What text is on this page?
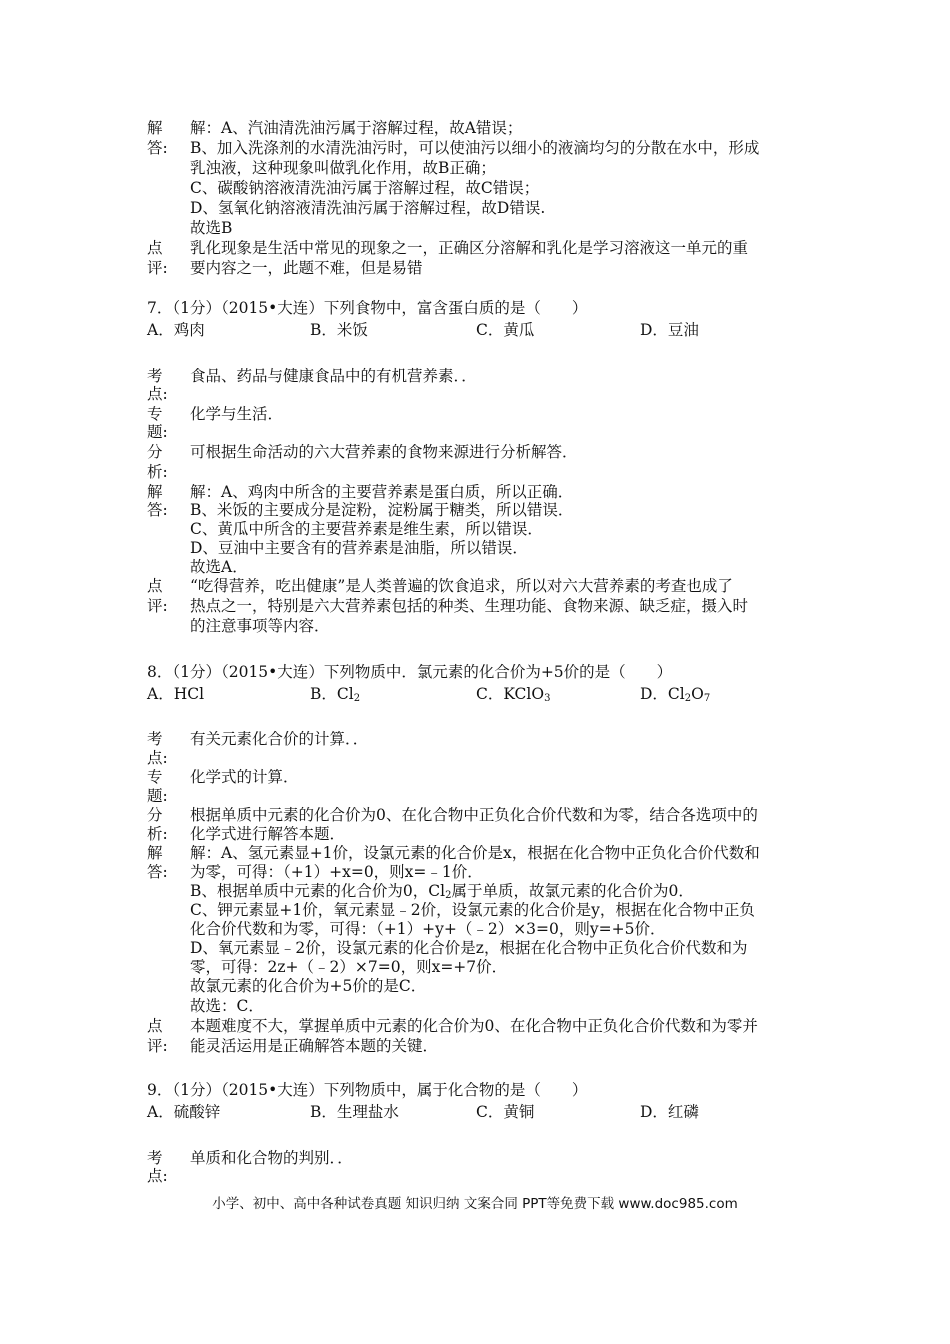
解 解：A、汽油清洗油污属于溶解过程，故A错误；
答: B、加入洗涤剂的水清洗油污时，可以使油污以细小的液滴均匀的分散在水中，形成
乳浊液，这种现象叫做乳化作用，故B正确；
C、碳酸钠溶液清洗油污属于溶解过程，故C错误；
D、氢氧化钠溶液清洗油污属于溶解过程，故D错误.
故选B
点 乳化现象是生活中常见的现象之一，正确区分溶解和乳化是学习溶液这一单元的重
评: 要内容之一，此题不难，但是易错
7．（1分）（2015•大连）下列食物中，富含蛋白质的是（　　）
A．鸡肉	B．米饭	C．黄瓜	D．豆油
考 食品、药品与健康食品中的有机营养素．．
点:
专 化学与生活．
题:
分 可根据生命活动的六大营养素的食物来源进行分析解答．
析:
解 解：A、鸡肉中所含的主要营养素是蛋白质，所以正确．
答: B、米饭的主要成分是淀粉，淀粉属于糖类，所以错误．
C、黄瓜中所含的主要营养素是维生素，所以错误．
D、豆油中主要含有的营养素是油脂，所以错误．
故选A．
点 “吃得营养，吃出健康”是人类普遍的饮食追求，所以对六大营养素的考查也成了
评: 热点之一，特别是六大营养素包括的种类、生理功能、食物来源、缺乏症，摄入时
的注意事项等内容．
8．（1分）（2015•大连）下列物质中．氯元素的化合价为+5价的是（　　）
A．HCl	B．$Cl_2$	C．KClO$_3$	D．$Cl_2O_7$
考 有关元素化合价的计算．．
点:
专 化学式的计算．
题:
分 根据单质中元素的化合价为0、在化合物中正负化合价代数和为零，结合各选项中的
析: 化学式进行解答本题．
解 解：A、氢元素显+1价，设氯元素的化合价是x，根据在化合物中正负化合价代数和
答: 为零，可得：（+1）+x=0，则x=﹣1价．
B、根据单质中元素的化合价为0，$Cl_2$属于单质，故氯元素的化合价为0．
C、钾元素显+1价，氧元素显﹣2价，设氯元素的化合价是y，根据在化合物中正负
化合价代数和为零，可得：（+1）+y+（﹣2）×3=0，则y=+5价．
D、氧元素显﹣2价，设氯元素的化合价是z，根据在化合物中正负化合价代数和为
零，可得：2z+（﹣2）×7=0，则x=+7价．
故氯元素的化合价为+5价的是C．
故选：C．
点 本题难度不大，掌握单质中元素的化合价为0、在化合物中正负化合价代数和为零并
评: 能灵活运用是正确解答本题的关键．
9．（1分）（2015•大连）下列物质中，属于化合物的是（　　）
A．硫酸锌	B．生理盐水	C．黄铜	D．红磷
考 单质和化合物的判别．．
点:
小学、初中、高中各种试卷真题 知识归纳 文案合同 PPT等免费下载 www.doc985.com
